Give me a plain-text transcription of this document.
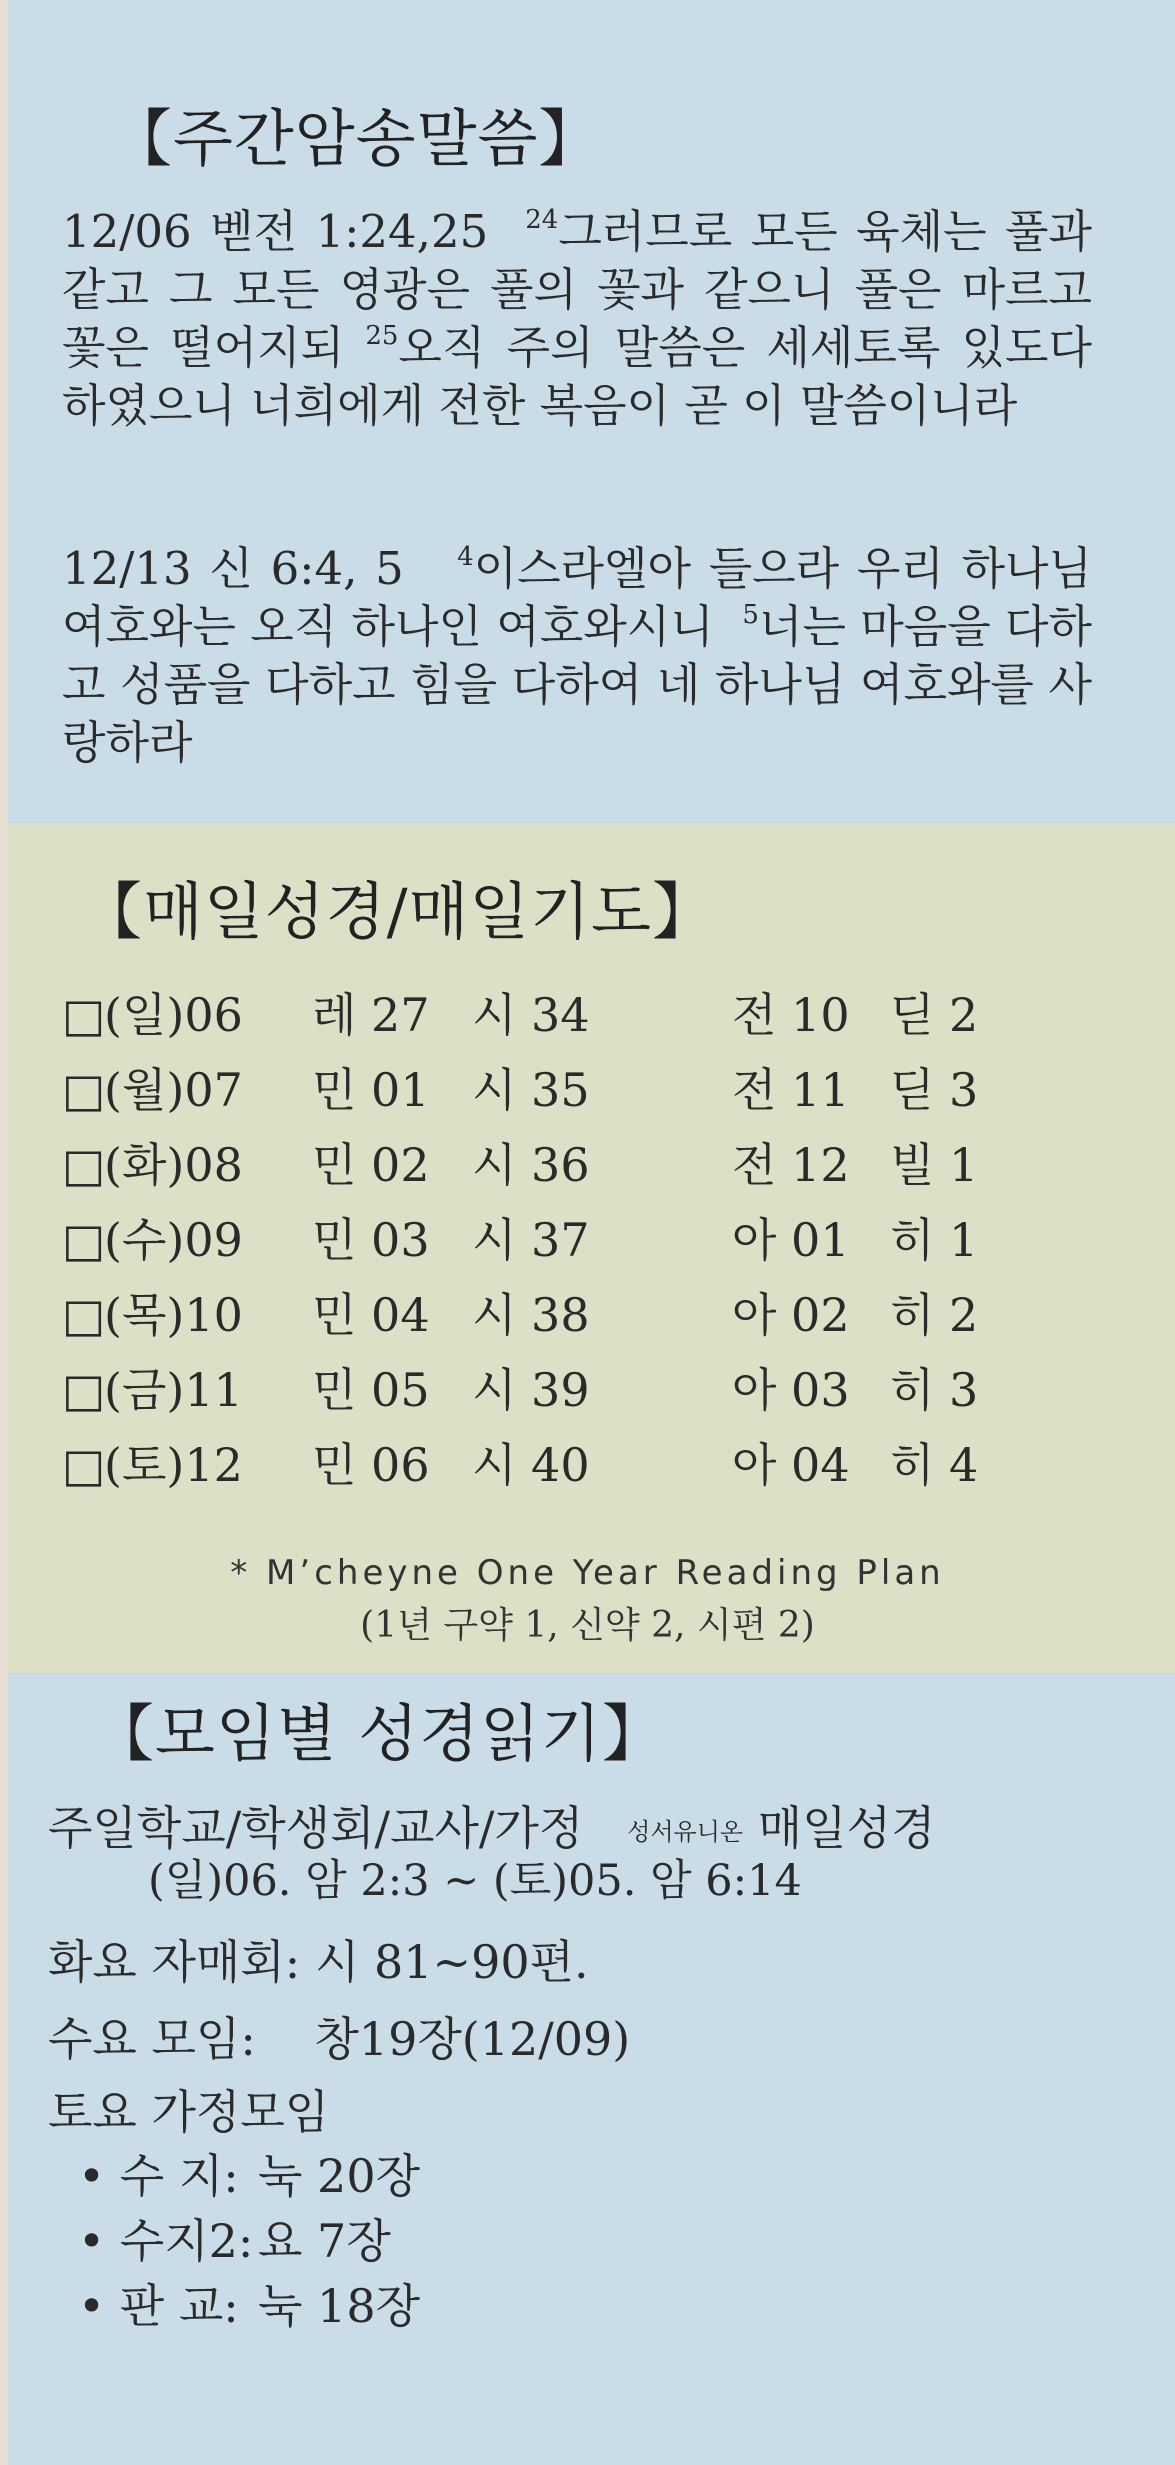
【주간암송말씀】
12/06 벧전 1:24,25 $^{24}$그러므로 모든 육체는 풀과 같고 그 모든 영광은 풀의 꽃과 같으니 풀은 마르고 꽃은 떨어지되 $^{25}$오직 주의 말씀은 세세토록 있도다 하였으니 너희에게 전한 복음이 곧 이 말씀이니라
12/13 신 6:4, 5 $^4$이스라엘아 들으라 우리 하나님 여호와는 오직 하나인 여호와시니 $^5$너는 마음을 다하고 성품을 다하고 힘을 다하여 네 하나님 여호와를 사랑하라
【매일성경/매일기도】
□
(일)06 레 27 시 34	전 10 딛 2
□
(월)07 민 01 시 35	전 11 딛 3
□
(화)08 민 02 시 36	전 12 빌 1
□
(수)09 민 03 시 37	아 01 히 1
□
(목)10 민 04 시 38	아 02 히 2
□
(금)11 민 05 시 39	아 03 히 3
□
(토)12 민 06 시 40	아 04 히 4
* M’cheyne One Year Reading Plan
(1년 구약 1, 신약 2, 시편 2)
【모임별 성경읽기】
주일학교/학생회/교사/가정 성서유니온 매일성경
(일)06. 암 2:3 ~ (토)05. 암 6:14
화요 자매회: 시 81~90편.
수요 모임: 창19장(12/09)
토요 가정모임
• 수 지: 눅 20장
• 수지2:요 7장
• 판 교: 눅 18장
